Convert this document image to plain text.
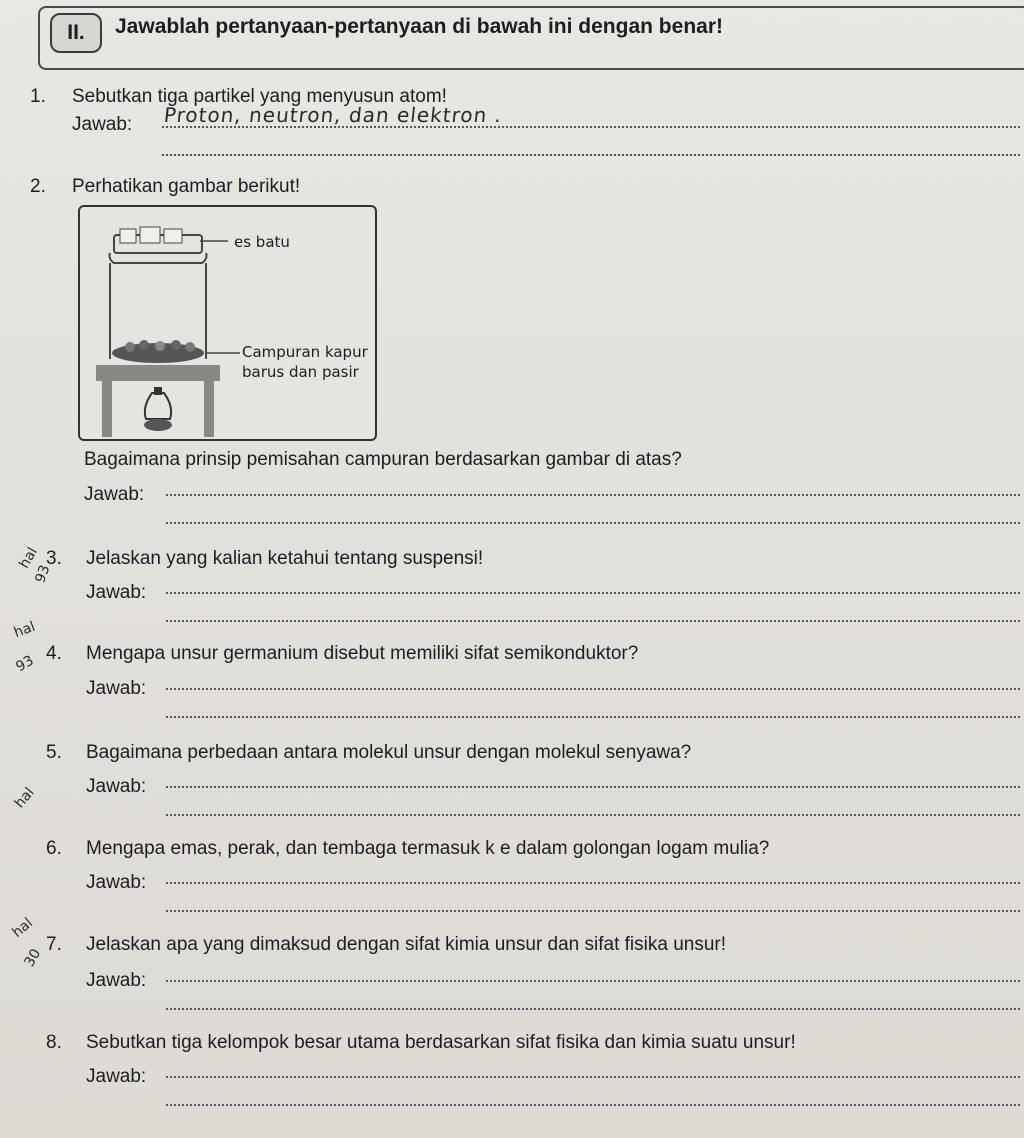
II.	Jawablah pertanyaan-pertanyaan di bawah ini dengan benar!
1. Sebutkan tiga partikel yang menyusun atom!
Jawab: Proton, neutron, dan elektron .
2. Perhatikan gambar berikut!
es batu
Campuran kapur
barus dan pasir
Bagaimana prinsip pemisahan campuran berdasarkan gambar di atas?
Jawab:
3. Jelaskan yang kalian ketahui tentang suspensi!
Jawab:
4. Mengapa unsur germanium disebut memiliki sifat semikonduktor?
Jawab:
5. Bagaimana perbedaan antara molekul unsur dengan molekul senyawa?
Jawab:
6. Mengapa emas, perak, dan tembaga termasuk k e dalam golongan logam mulia?
Jawab:
7. Jelaskan apa yang dimaksud dengan sifat kimia unsur dan sifat fisika unsur!
Jawab:
8. Sebutkan tiga kelompok besar utama berdasarkan sifat fisika dan kimia suatu unsur!
Jawab:
hal
93
hal
93
hal
hal
30
